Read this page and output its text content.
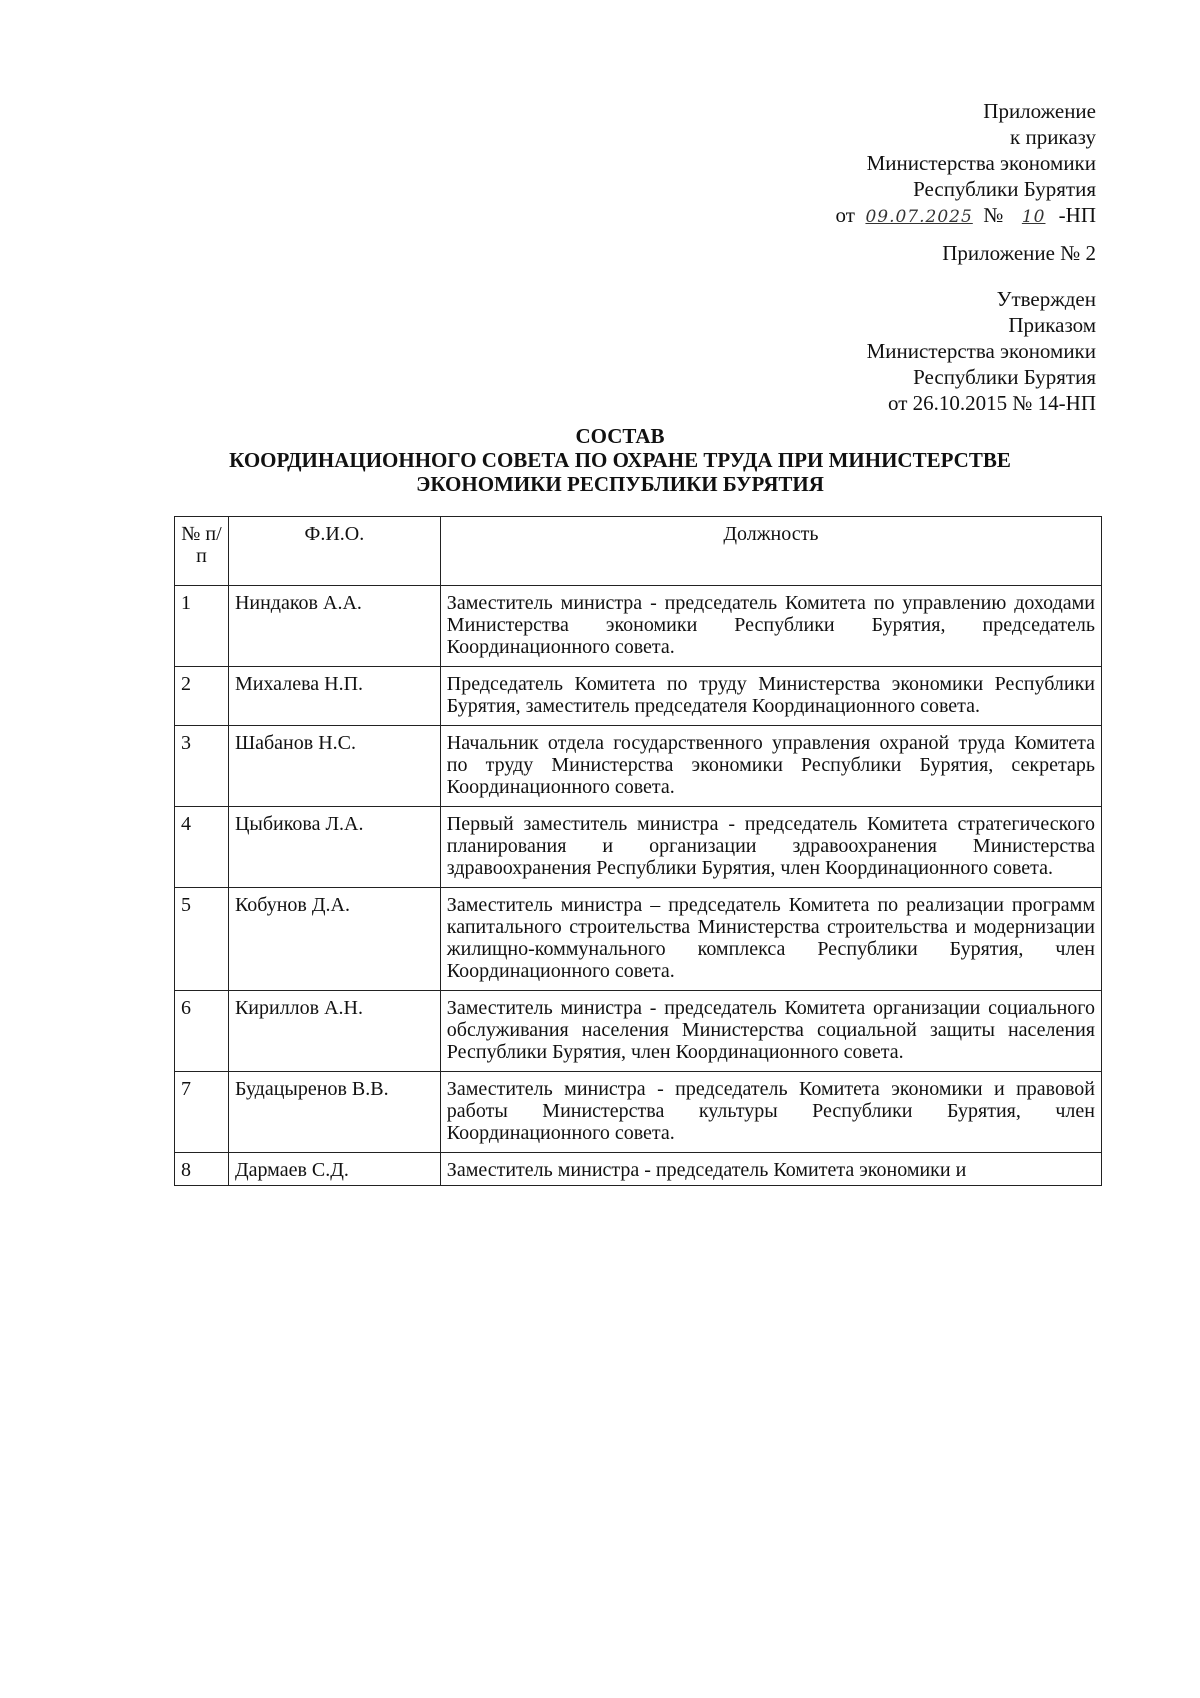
Приложение
к приказу
Министерства экономики
Республики Бурятия
от 09.07.2025 № 10 -НП
Приложение № 2
Утвержден
Приказом
Министерства экономики
Республики Бурятия
от 26.10.2015 № 14-НП
СОСТАВ
КООРДИНАЦИОННОГО СОВЕТА ПО ОХРАНЕ ТРУДА ПРИ МИНИСТЕРСТВЕ
ЭКОНОМИКИ РЕСПУБЛИКИ БУРЯТИЯ
№ п/п	Ф.И.О.	Должность
1	Ниндаков А.А.	Заместитель министра - председатель Комитета по управлению доходами Министерства экономики Республики Бурятия, председатель Координационного совета.
2	Михалева Н.П.	Председатель Комитета по труду Министерства экономики Республики Бурятия, заместитель председателя Координационного совета.
3	Шабанов Н.С.	Начальник отдела государственного управления охраной труда Комитета по труду Министерства экономики Республики Бурятия, секретарь Координационного совета.
4	Цыбикова Л.А.	Первый заместитель министра - председатель Комитета стратегического планирования и организации здравоохранения Министерства здравоохранения Республики Бурятия, член Координационного совета.
5	Кобунов Д.А.	Заместитель министра – председатель Комитета по реализации программ капитального строительства Министерства строительства и модернизации жилищно-коммунального комплекса Республики Бурятия, член Координационного совета.
6	Кириллов А.Н.	Заместитель министра - председатель Комитета организации социального обслуживания населения Министерства социальной защиты населения Республики Бурятия, член Координационного совета.
7	Будацыренов В.В.	Заместитель министра - председатель Комитета экономики и правовой работы Министерства культуры Республики Бурятия, член Координационного совета.
8	Дармаев С.Д.	Заместитель министра - председатель Комитета экономики и
